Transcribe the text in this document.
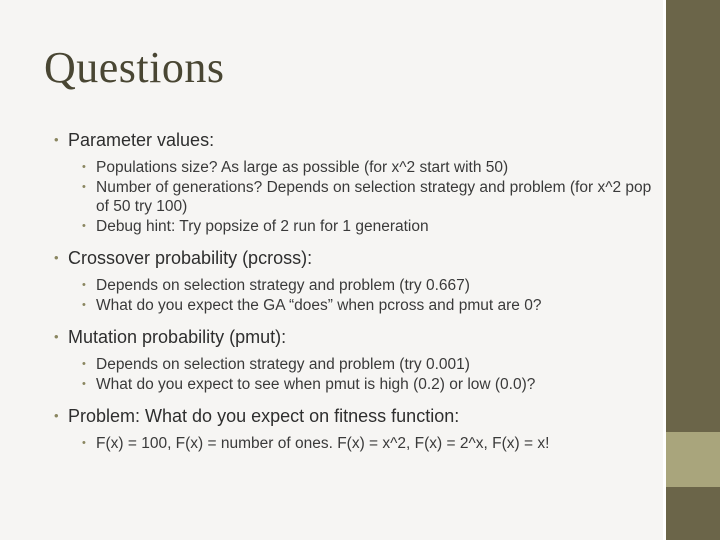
Questions
• Parameter values:
• Populations size? As large as possible (for x^2 start with 50)
• Number of generations? Depends on selection strategy and problem (for x^2 pop of 50 try 100)
• Debug hint: Try popsize of 2 run for 1 generation
• Crossover probability (pcross):
• Depends on selection strategy and problem (try 0.667)
• What do you expect the GA “does” when pcross and pmut are 0?
• Mutation probability (pmut):
• Depends on selection strategy and problem (try 0.001)
• What do you expect to see when pmut is high (0.2) or low (0.0)?
• Problem: What do you expect on fitness function:
• F(x) = 100, F(x) = number of ones. F(x) = x^2, F(x) = 2^x, F(x) = x!
